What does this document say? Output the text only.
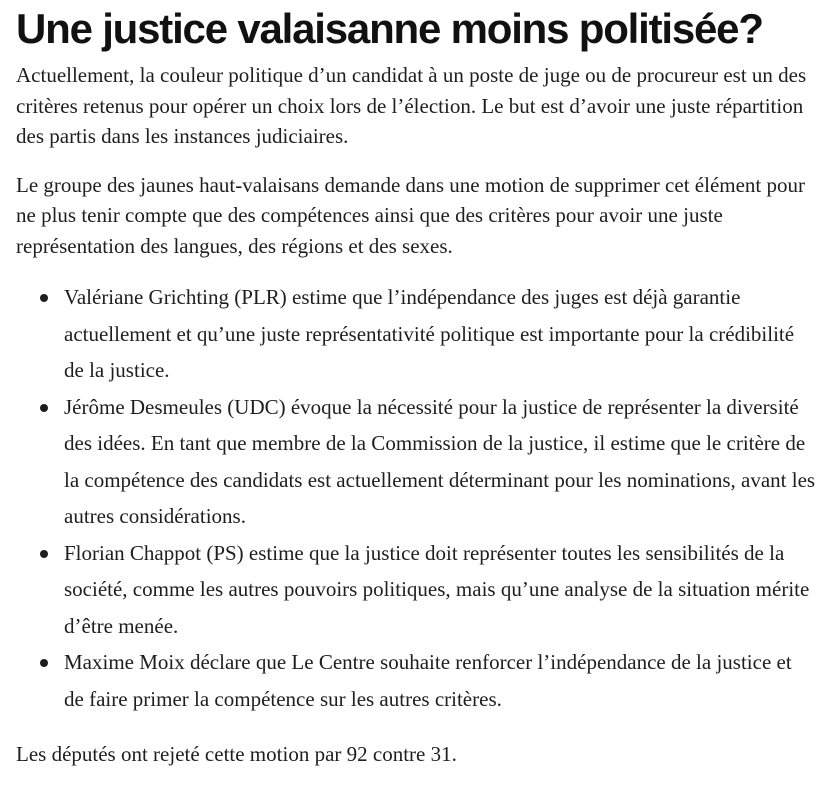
Une justice valaisanne moins politisée?

Actuellement, la couleur politique d’un candidat à un poste de juge ou de procureur est un des critères retenus pour opérer un choix lors de l’élection. Le but est d’avoir une juste répartition des partis dans les instances judiciaires.

Le groupe des jaunes haut-valaisans demande dans une motion de supprimer cet élément pour ne plus tenir compte que des compétences ainsi que des critères pour avoir une juste représentation des langues, des régions et des sexes.

Valériane Grichting (PLR) estime que l’indépendance des juges est déjà garantie actuellement et qu’une juste représentativité politique est importante pour la crédibilité de la justice.
Jérôme Desmeules (UDC) évoque la nécessité pour la justice de représenter la diversité des idées. En tant que membre de la Commission de la justice, il estime que le critère de la compétence des candidats est actuellement déterminant pour les nominations, avant les autres considérations.
Florian Chappot (PS) estime que la justice doit représenter toutes les sensibilités de la société, comme les autres pouvoirs politiques, mais qu’une analyse de la situation mérite d’être menée.
Maxime Moix déclare que Le Centre souhaite renforcer l’indépendance de la justice et de faire primer la compétence sur les autres critères.

Les députés ont rejeté cette motion par 92 contre 31.
